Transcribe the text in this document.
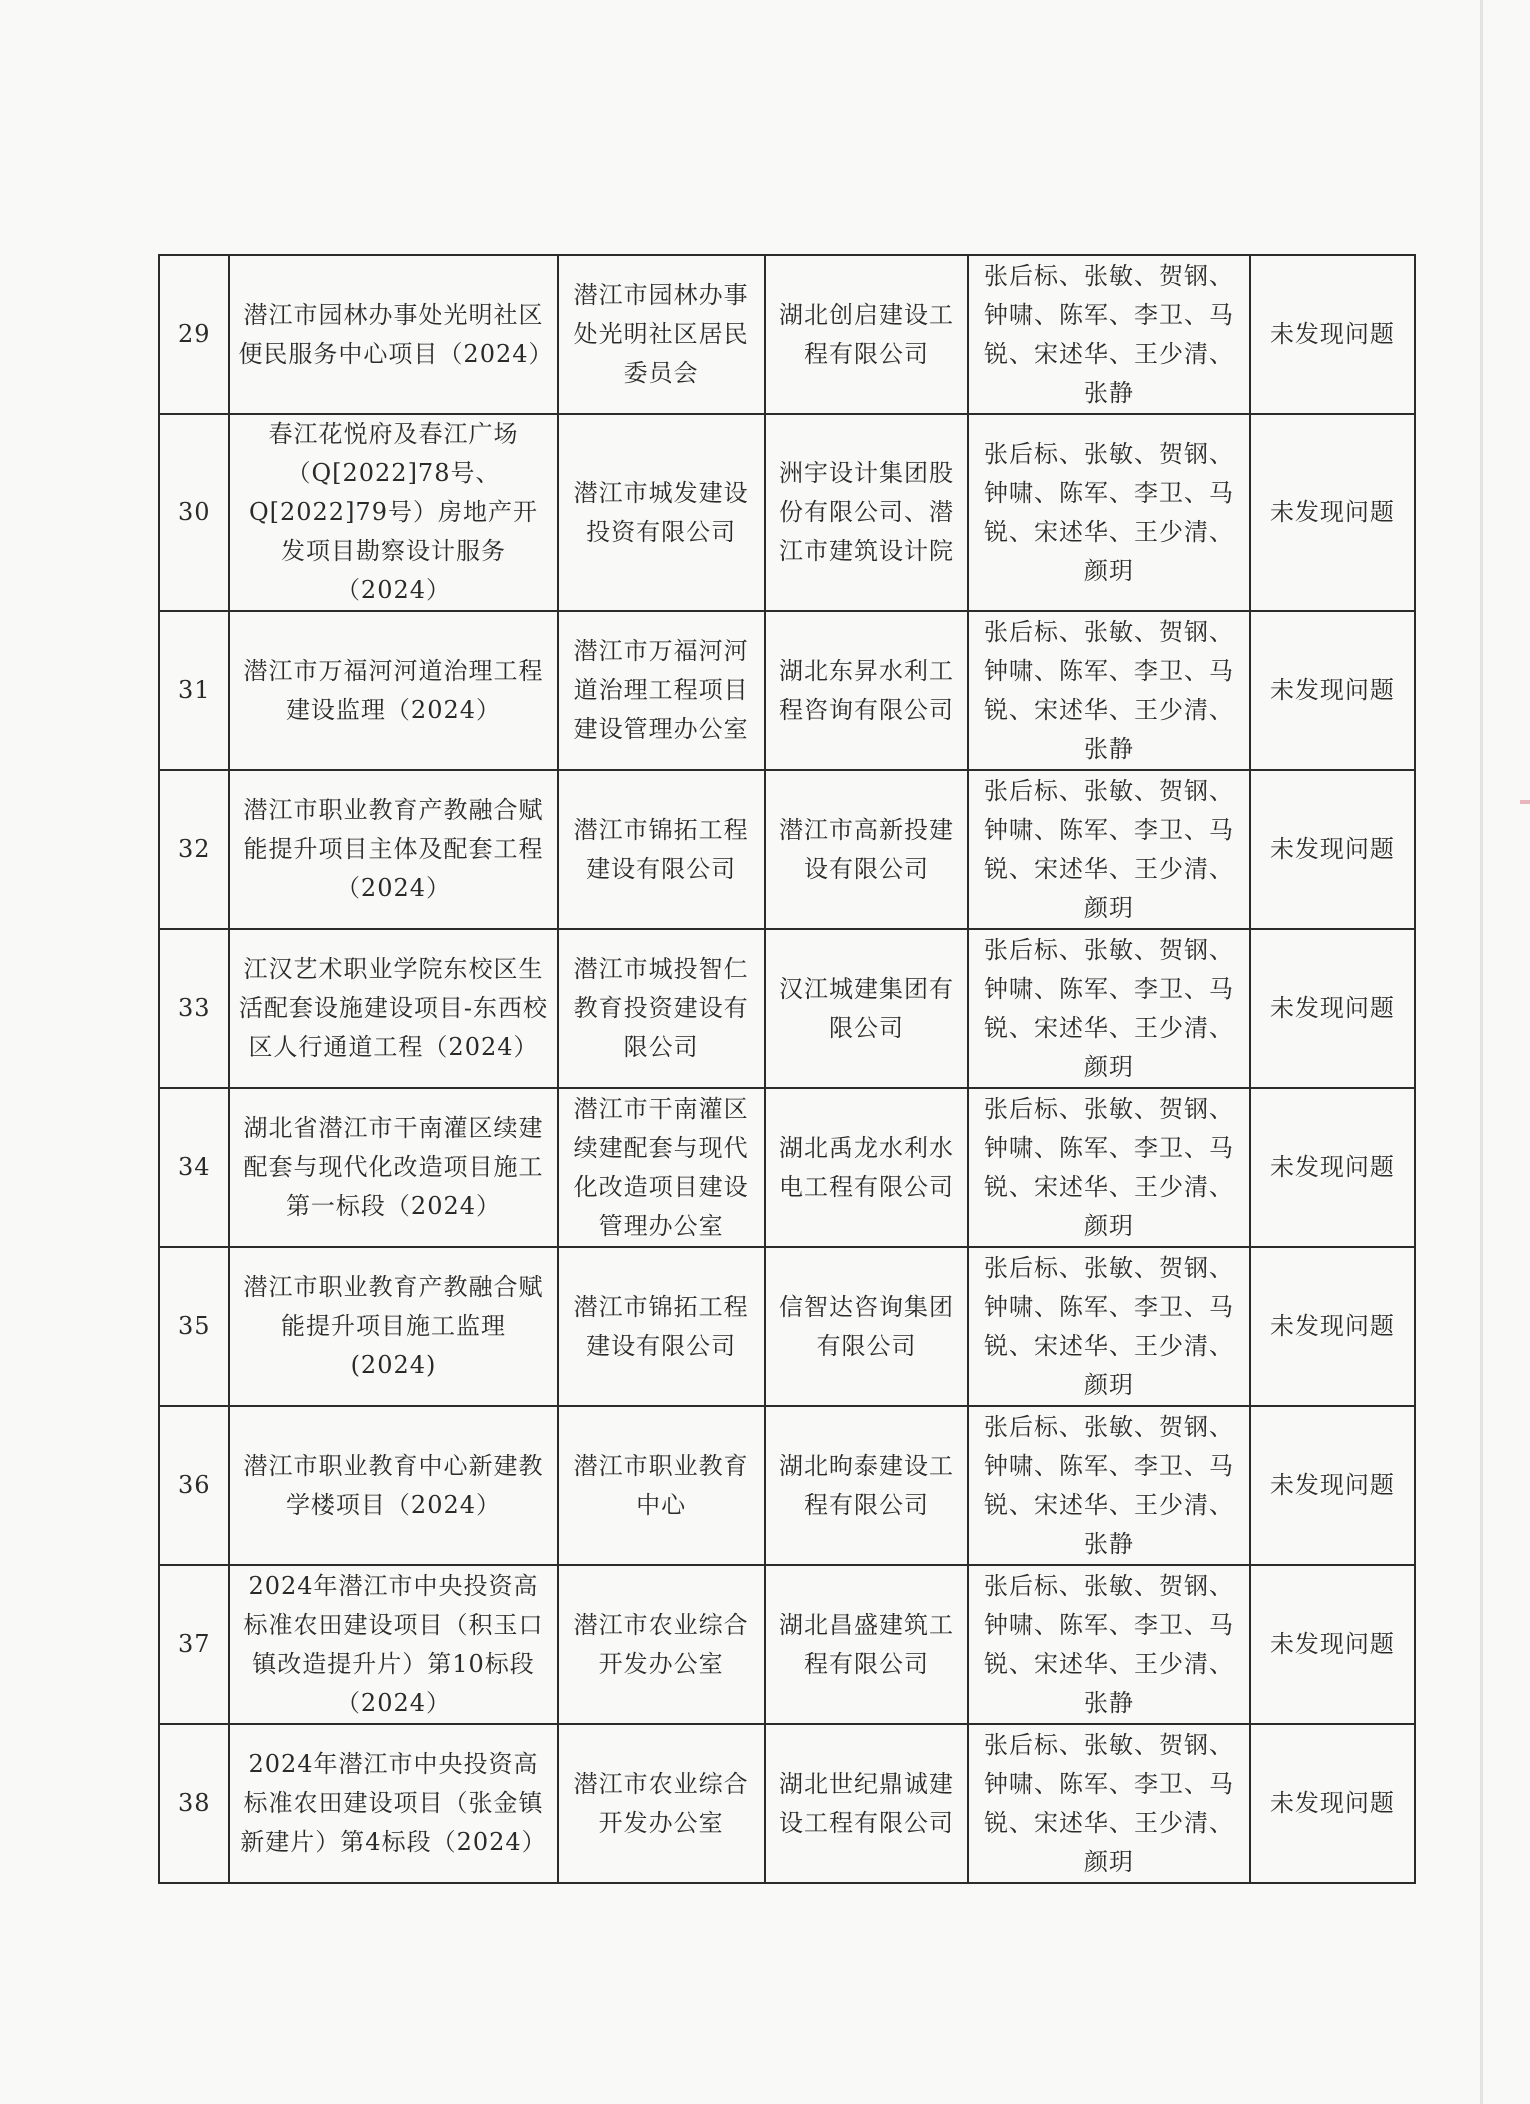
29	潜江市园林办事处光明社区便民服务中心项目（2024）	潜江市园林办事处光明社区居民委员会	湖北创启建设工程有限公司	张后标、张敏、贺钢、钟啸、陈军、李卫、马锐、宋述华、王少清、张静	未发现问题
30	春江花悦府及春江广场（Q[2022]78号、Q[2022]79号）房地产开发项目勘察设计服务（2024）	潜江市城发建设投资有限公司	洲宇设计集团股份有限公司、潜江市建筑设计院	张后标、张敏、贺钢、钟啸、陈军、李卫、马锐、宋述华、王少清、颜玥	未发现问题
31	潜江市万福河河道治理工程建设监理（2024）	潜江市万福河河道治理工程项目建设管理办公室	湖北东昇水利工程咨询有限公司	张后标、张敏、贺钢、钟啸、陈军、李卫、马锐、宋述华、王少清、张静	未发现问题
32	潜江市职业教育产教融合赋能提升项目主体及配套工程（2024）	潜江市锦拓工程建设有限公司	潜江市高新投建设有限公司	张后标、张敏、贺钢、钟啸、陈军、李卫、马锐、宋述华、王少清、颜玥	未发现问题
33	江汉艺术职业学院东校区生活配套设施建设项目-东西校区人行通道工程（2024）	潜江市城投智仁教育投资建设有限公司	汉江城建集团有限公司	张后标、张敏、贺钢、钟啸、陈军、李卫、马锐、宋述华、王少清、颜玥	未发现问题
34	湖北省潜江市干南灌区续建配套与现代化改造项目施工第一标段（2024）	潜江市干南灌区续建配套与现代化改造项目建设管理办公室	湖北禹龙水利水电工程有限公司	张后标、张敏、贺钢、钟啸、陈军、李卫、马锐、宋述华、王少清、颜玥	未发现问题
35	潜江市职业教育产教融合赋能提升项目施工监理(2024)	潜江市锦拓工程建设有限公司	信智达咨询集团有限公司	张后标、张敏、贺钢、钟啸、陈军、李卫、马锐、宋述华、王少清、颜玥	未发现问题
36	潜江市职业教育中心新建教学楼项目（2024）	潜江市职业教育中心	湖北昫泰建设工程有限公司	张后标、张敏、贺钢、钟啸、陈军、李卫、马锐、宋述华、王少清、张静	未发现问题
37	2024年潜江市中央投资高标准农田建设项目（积玉口镇改造提升片）第10标段（2024）	潜江市农业综合开发办公室	湖北昌盛建筑工程有限公司	张后标、张敏、贺钢、钟啸、陈军、李卫、马锐、宋述华、王少清、张静	未发现问题
38	2024年潜江市中央投资高标准农田建设项目（张金镇新建片）第4标段（2024）	潜江市农业综合开发办公室	湖北世纪鼎诚建设工程有限公司	张后标、张敏、贺钢、钟啸、陈军、李卫、马锐、宋述华、王少清、颜玥	未发现问题
